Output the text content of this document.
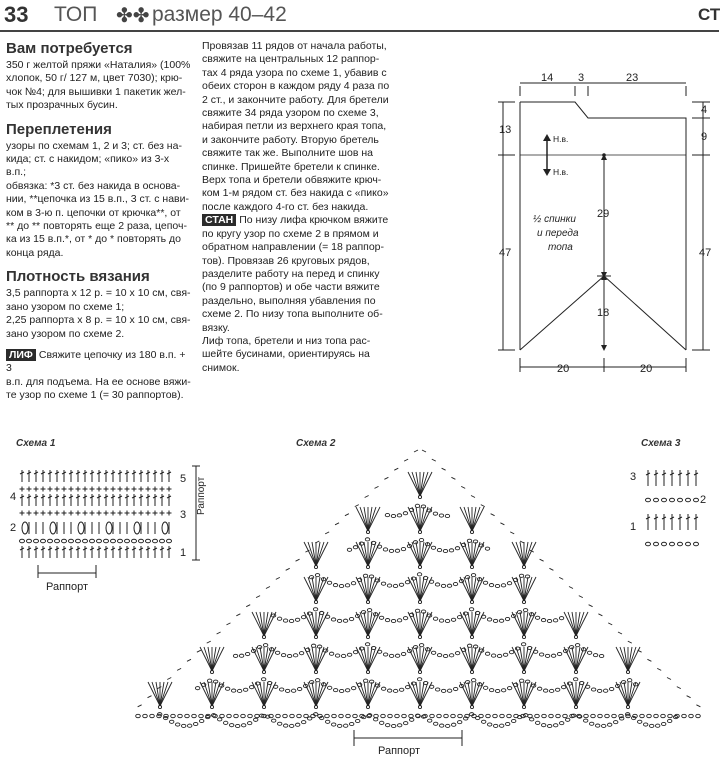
33 ТОП ✤✤ размер 40–42	СТ
Вам потребуется

350 г желтой пряжи «Наталия» (100%

хлопок, 50 г/ 127 м, цвет 7030); крю-

чок №4; для вышивки 1 пакетик жел-

тых прозрачных бусин.

Переплетения

узоры по схемам 1, 2 и 3; ст. без на-

кида; ст. с накидом; «пико» из 3-х в.п.;

обвязка: *3 ст. без накида в основа-

нии, **цепочка из 15 в.п., 3 ст. с нави-

ком в 3-ю п. цепочки от крючка**, от

** до ** повторять еще 2 раза, цепоч-

ка из 15 в.п.*, от * до * повторять до

конца ряда.

Плотность вязания

3,5 раппорта х 12 р. = 10 х 10 см, свя-

зано узором по схеме 1;

2,25 раппорта х 8 р. = 10 х 10 см, свя-

зано узором по схеме 2.

ЛИФ Свяжите цепочку из 180 в.п. + 3

в.п. для подъема. На ее основе вяжи-

те узор по схеме 1 (= 30 раппортов).

Провязав 11 рядов от начала работы,

свяжите на центральных 12 раппор-

тах 4 ряда узора по схеме 1, убавив с

обеих сторон в каждом ряду 4 раза по

2 ст., и закончите работу. Для бретели

свяжите 34 ряда узором по схеме 3,

набирая петли из верхнего края топа,

и закончите работу. Вторую бретель

свяжите так же. Выполните шов на

спинке. Пришейте бретели к спинке.

Верх топа и бретели обвяжите крюч-

ком 1-м рядом ст. без накида с «пико»

после каждого 4-го ст. без накида.

СТАН По низу лифа крючком вяжите

по кругу узор по схеме 2 в прямом и

обратном направлении (= 18 раппор-

тов). Провязав 26 круговых рядов,

разделите работу на перед и спинку

(по 9 раппортов) и обе части вяжите

раздельно, выполняя убавления по

схеме 2. По низу топа выполните об-

вязку.

Лиф топа, бретели и низ топа рас-

шейте бусинами, ориентируясь на

снимок.

14 3	23
4
9
13
47	47
29
18
20	20
Н.в.
Н.в.
½ спинки
и переда
топа
Схема 1	Схема 2	Схема 3
4
2
5
3
1
Раппорт
Раппорт
3
2
1
Раппорт
